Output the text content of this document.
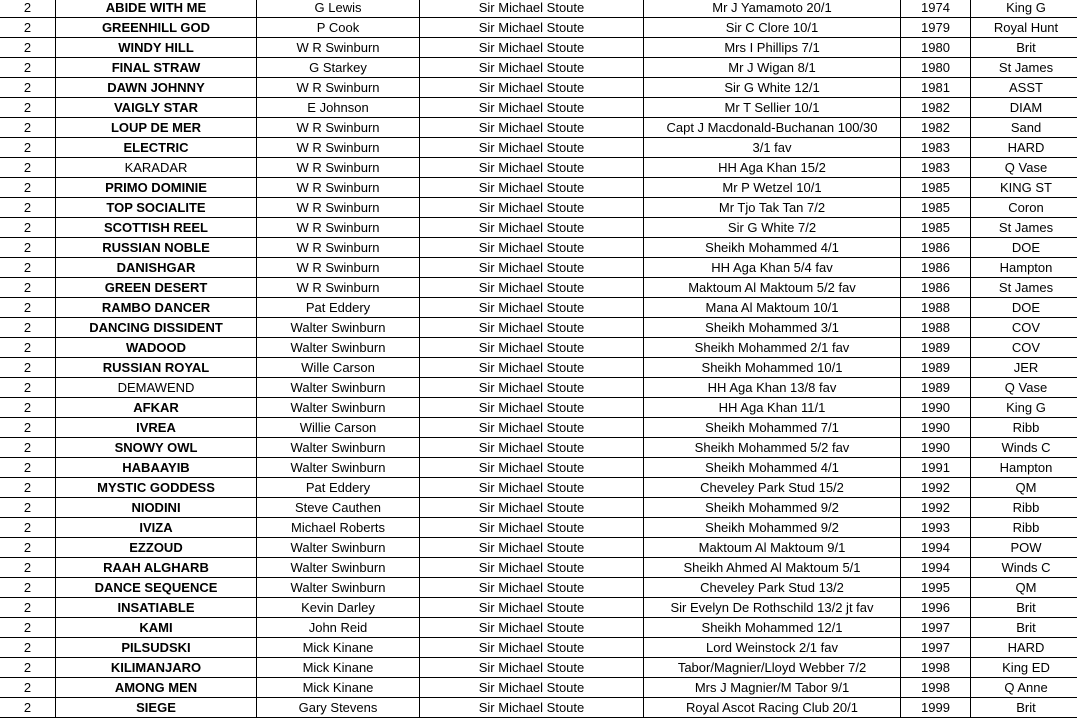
2	ABIDE WITH ME	G Lewis	Sir Michael Stoute	Mr J Yamamoto 20/1	1974	King G
2	GREENHILL GOD	P Cook	Sir Michael Stoute	Sir C Clore 10/1	1979	Royal Hunt
2	WINDY HILL	W R Swinburn	Sir Michael Stoute	Mrs I Phillips 7/1	1980	Brit
2	FINAL STRAW	G Starkey	Sir Michael Stoute	Mr J Wigan 8/1	1980	St James
2	DAWN JOHNNY	W R Swinburn	Sir Michael Stoute	Sir G White 12/1	1981	ASST
2	VAIGLY STAR	E Johnson	Sir Michael Stoute	Mr T Sellier 10/1	1982	DIAM
2	LOUP DE MER	W R Swinburn	Sir Michael Stoute	Capt J Macdonald-Buchanan 100/30	1982	Sand
2	ELECTRIC	W R Swinburn	Sir Michael Stoute	3/1 fav	1983	HARD
2	KARADAR	W R Swinburn	Sir Michael Stoute	HH Aga Khan 15/2	1983	Q Vase
2	PRIMO DOMINIE	W R Swinburn	Sir Michael Stoute	Mr P Wetzel 10/1	1985	KING ST
2	TOP SOCIALITE	W R Swinburn	Sir Michael Stoute	Mr Tjo Tak Tan 7/2	1985	Coron
2	SCOTTISH REEL	W R Swinburn	Sir Michael Stoute	Sir G White 7/2	1985	St James
2	RUSSIAN NOBLE	W R Swinburn	Sir Michael Stoute	Sheikh Mohammed 4/1	1986	DOE
2	DANISHGAR	W R Swinburn	Sir Michael Stoute	HH Aga Khan 5/4 fav	1986	Hampton
2	GREEN DESERT	W R Swinburn	Sir Michael Stoute	Maktoum Al Maktoum 5/2 fav	1986	St James
2	RAMBO DANCER	Pat Eddery	Sir Michael Stoute	Mana Al Maktoum 10/1	1988	DOE
2	DANCING DISSIDENT	Walter Swinburn	Sir Michael Stoute	Sheikh Mohammed 3/1	1988	COV
2	WADOOD	Walter Swinburn	Sir Michael Stoute	Sheikh Mohammed 2/1 fav	1989	COV
2	RUSSIAN ROYAL	Wille Carson	Sir Michael Stoute	Sheikh Mohammed 10/1	1989	JER
2	DEMAWEND	Walter Swinburn	Sir Michael Stoute	HH Aga Khan 13/8 fav	1989	Q Vase
2	AFKAR	Walter Swinburn	Sir Michael Stoute	HH Aga Khan 11/1	1990	King G
2	IVREA	Willie Carson	Sir Michael Stoute	Sheikh Mohammed 7/1	1990	Ribb
2	SNOWY OWL	Walter Swinburn	Sir Michael Stoute	Sheikh Mohammed 5/2 fav	1990	Winds C
2	HABAAYIB	Walter Swinburn	Sir Michael Stoute	Sheikh Mohammed 4/1	1991	Hampton
2	MYSTIC GODDESS	Pat Eddery	Sir Michael Stoute	Cheveley Park Stud 15/2	1992	QM
2	NIODINI	Steve Cauthen	Sir Michael Stoute	Sheikh Mohammed 9/2	1992	Ribb
2	IVIZA	Michael Roberts	Sir Michael Stoute	Sheikh Mohammed 9/2	1993	Ribb
2	EZZOUD	Walter Swinburn	Sir Michael Stoute	Maktoum Al Maktoum 9/1	1994	POW
2	RAAH ALGHARB	Walter Swinburn	Sir Michael Stoute	Sheikh Ahmed Al Maktoum 5/1	1994	Winds C
2	DANCE SEQUENCE	Walter Swinburn	Sir Michael Stoute	Cheveley Park Stud 13/2	1995	QM
2	INSATIABLE	Kevin Darley	Sir Michael Stoute	Sir Evelyn De Rothschild 13/2 jt fav	1996	Brit
2	KAMI	John Reid	Sir Michael Stoute	Sheikh Mohammed 12/1	1997	Brit
2	PILSUDSKI	Mick Kinane	Sir Michael Stoute	Lord Weinstock 2/1 fav	1997	HARD
2	KILIMANJARO	Mick Kinane	Sir Michael Stoute	Tabor/Magnier/Lloyd Webber 7/2	1998	King ED
2	AMONG MEN	Mick Kinane	Sir Michael Stoute	Mrs J Magnier/M Tabor 9/1	1998	Q Anne
2	SIEGE	Gary Stevens	Sir Michael Stoute	Royal Ascot Racing Club 20/1	1999	Brit
